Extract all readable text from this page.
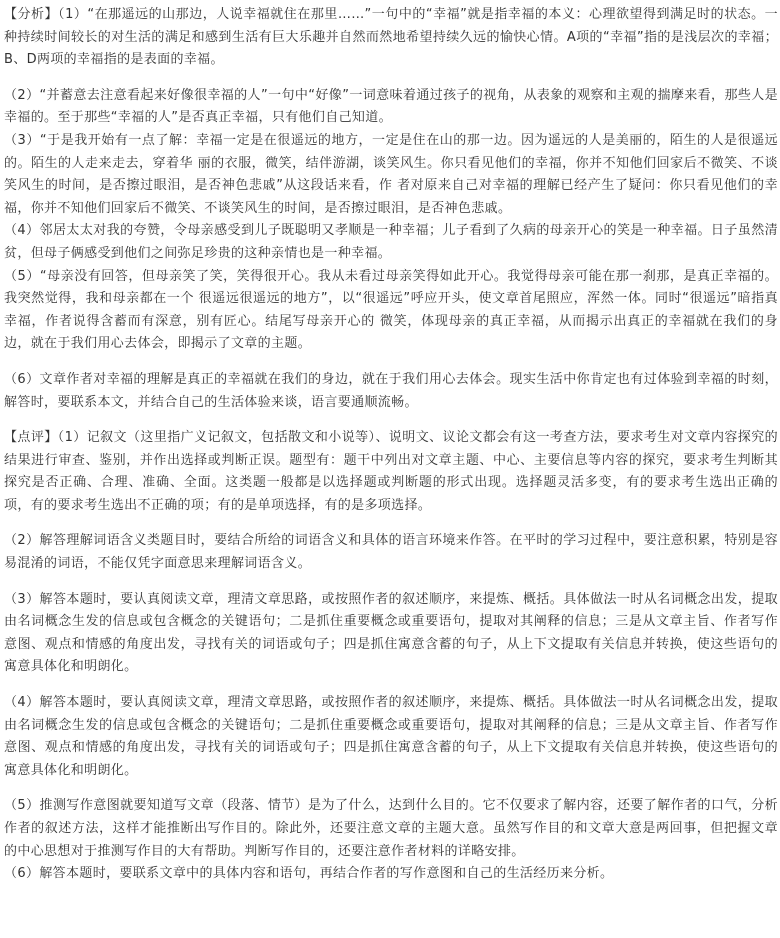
【分析】（1）“在那遥远的山那边，人说幸福就住在那里……”一句中的“幸福”就是指幸福的本义：心理欲望得到满足时的状态。一种持续时间较长的对生活的满足和感到生活有巨大乐趣并自然而然地希望持续久远的愉快心情。A项的“幸福”指的是浅层次的幸福；B、D两项的幸福指的是表面的幸福。

（2）“并蓄意去注意看起来好像很幸福的人”一句中“好像”一词意味着通过孩子的视角，从表象的观察和主观的揣摩来看，那些人是幸福的。至于那些“幸福的人”是否真正幸福，只有他们自己知道。

（3）“于是我开始有一点了解：幸福一定是在很遥远的地方，一定是住在山的那一边。因为遥远的人是美丽的，陌生的人是很遥远的。陌生的人走来走去，穿着华 丽的衣服，微笑，结伴游湖，谈笑风生。你只看见他们的幸福，你并不知他们回家后不微笑、不谈笑风生的时间，是否擦过眼泪，是否神色悲戚”从这段话来看，作 者对原来自己对幸福的理解已经产生了疑问：你只看见他们的幸福，你并不知他们回家后不微笑、不谈笑风生的时间，是否擦过眼泪，是否神色悲戚。

（4）邻居太太对我的夸赞，令母亲感受到儿子既聪明又孝顺是一种幸福；儿子看到了久病的母亲开心的笑是一种幸福。日子虽然清贫，但母子俩感受到他们之间弥足珍贵的这种亲情也是一种幸福。

（5）“母亲没有回答，但母亲笑了笑，笑得很开心。我从未看过母亲笑得如此开心。我觉得母亲可能在那一刹那，是真正幸福的。我突然觉得，我和母亲都在一个 很遥远很遥远的地方”，以“很遥远”呼应开头，使文章首尾照应，浑然一体。同时“很遥远”暗指真幸福，作者说得含蓄而有深意，别有匠心。结尾写母亲开心的 微笑，体现母亲的真正幸福，从而揭示出真正的幸福就在我们的身边，就在于我们用心去体会，即揭示了文章的主题。

（6）文章作者对幸福的理解是真正的幸福就在我们的身边，就在于我们用心去体会。现实生活中你肯定也有过体验到幸福的时刻，解答时，要联系本文，并结合自己的生活体验来谈，语言要通顺流畅。

【点评】（1）记叙文（这里指广义记叙文，包括散文和小说等）、说明文、议论文都会有这一考查方法，要求考生对文章内容探究的结果进行审查、鉴别，并作出选择或判断正误。题型有：题干中列出对文章主题、中心、主要信息等内容的探究，要求考生判断其探究是否正确、合理、准确、全面。这类题一般都是以选择题或判断题的形式出现。选择题灵活多变，有的要求考生选出正确的项，有的要求考生选出不正确的项；有的是单项选择，有的是多项选择。

（2）解答理解词语含义类题目时，要结合所给的词语含义和具体的语言环境来作答。在平时的学习过程中，要注意积累，特别是容易混淆的词语，不能仅凭字面意思来理解词语含义。

（3）解答本题时，要认真阅读文章，理清文章思路，或按照作者的叙述顺序，来提炼、概括。具体做法一时从名词概念出发，提取由名词概念生发的信息或包含概念的关键语句；二是抓住重要概念或重要语句，提取对其阐释的信息；三是从文章主旨、作者写作意图、观点和情感的角度出发，寻找有关的词语或句子；四是抓住寓意含蓄的句子，从上下文提取有关信息并转换，使这些语句的寓意具体化和明朗化。

（4）解答本题时，要认真阅读文章，理清文章思路，或按照作者的叙述顺序，来提炼、概括。具体做法一时从名词概念出发，提取由名词概念生发的信息或包含概念的关键语句；二是抓住重要概念或重要语句，提取对其阐释的信息；三是从文章主旨、作者写作意图、观点和情感的角度出发，寻找有关的词语或句子；四是抓住寓意含蓄的句子，从上下文提取有关信息并转换，使这些语句的寓意具体化和明朗化。

（5）推测写作意图就要知道写文章（段落、情节）是为了什么，达到什么目的。它不仅要求了解内容，还要了解作者的口气，分析作者的叙述方法，这样才能推断出写作目的。除此外，还要注意文章的主题大意。虽然写作目的和文章大意是两回事，但把握文章的中心思想对于推测写作目的大有帮助。判断写作目的，还要注意作者材料的详略安排。

（6）解答本题时，要联系文章中的具体内容和语句，再结合作者的写作意图和自己的生活经历来分析。
